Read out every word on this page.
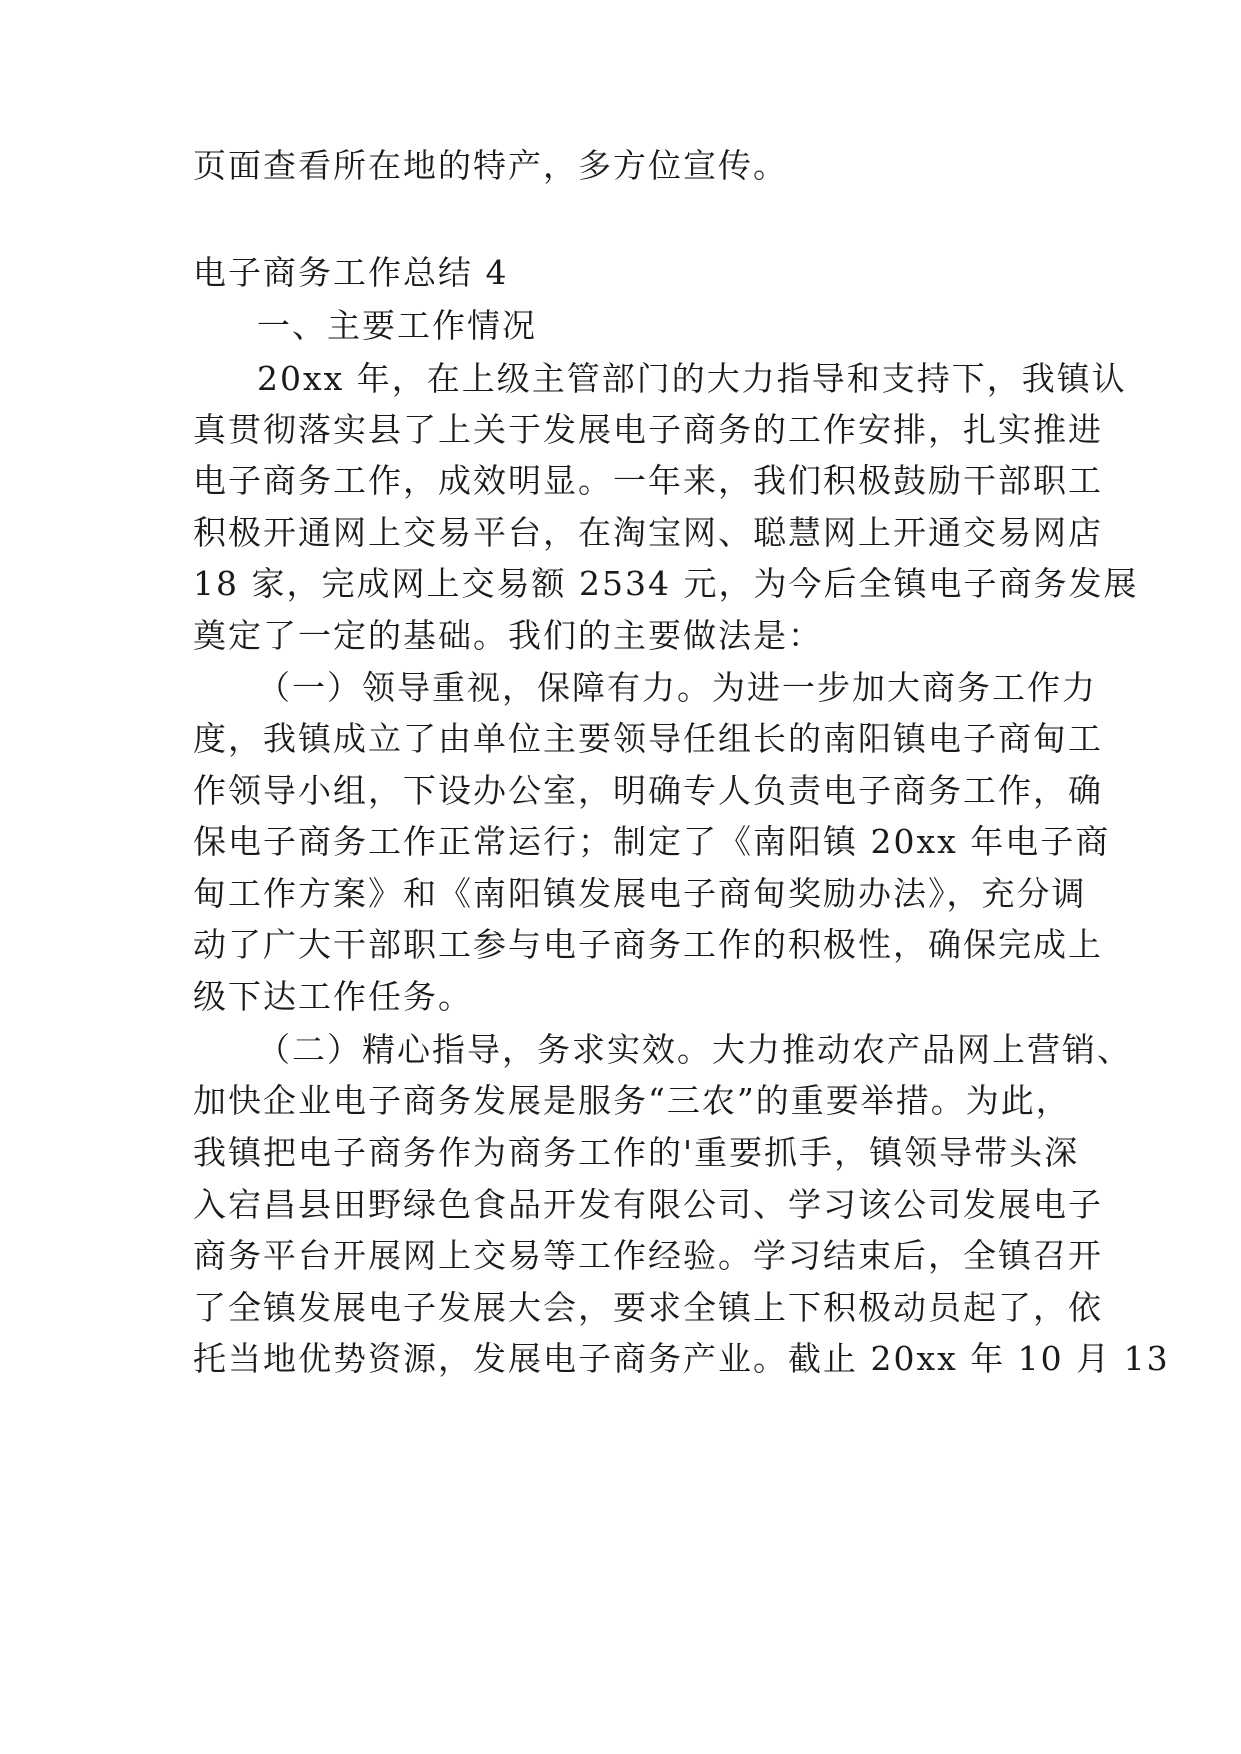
页面查看所在地的特产，多方位宣传。
电子商务工作总结 4
一、主要工作情况
20xx 年，在上级主管部门的大力指导和支持下，我镇认
真贯彻落实县了上关于发展电子商务的工作安排，扎实推进
电子商务工作，成效明显。一年来，我们积极鼓励干部职工
积极开通网上交易平台，在淘宝网、聪慧网上开通交易网店
18 家，完成网上交易额 2534 元，为今后全镇电子商务发展
奠定了一定的基础。我们的主要做法是：
（一）领导重视，保障有力。为进一步加大商务工作力
度，我镇成立了由单位主要领导任组长的南阳镇电子商甸工
作领导小组，下设办公室，明确专人负责电子商务工作，确
保电子商务工作正常运行；制定了《南阳镇 20xx 年电子商
甸工作方案》和《南阳镇发展电子商甸奖励办法》，充分调
动了广大干部职工参与电子商务工作的积极性，确保完成上
级下达工作任务。
（二）精心指导，务求实效。大力推动农产品网上营销、
加快企业电子商务发展是服务“三农”的重要举措。为此，
我镇把电子商务作为商务工作的'重要抓手，镇领导带头深
入宕昌县田野绿色食品开发有限公司、学习该公司发展电子
商务平台开展网上交易等工作经验。学习结束后，全镇召开
了全镇发展电子发展大会，要求全镇上下积极动员起了，依
托当地优势资源，发展电子商务产业。截止 20xx 年 10 月 13
